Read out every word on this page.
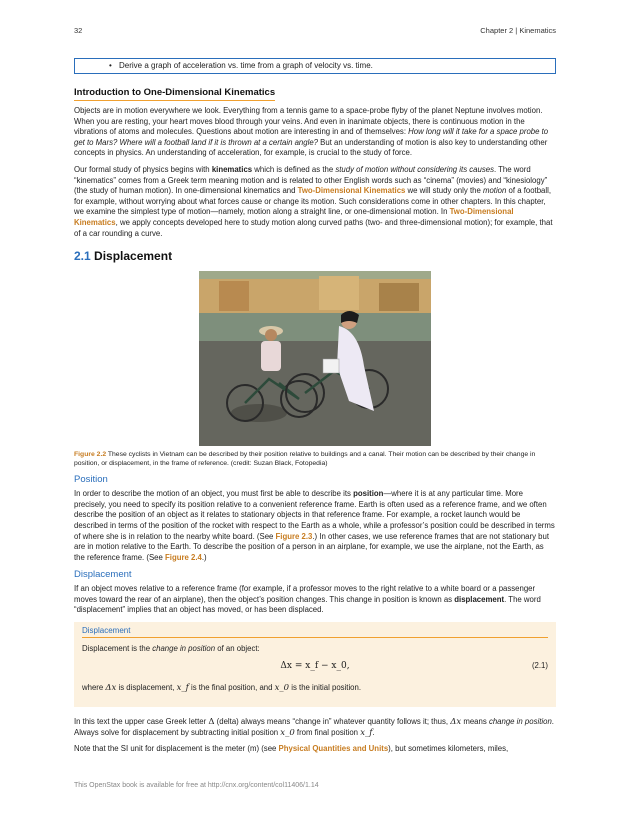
32	Chapter 2 | Kinematics
• Derive a graph of acceleration vs. time from a graph of velocity vs. time.
Introduction to One-Dimensional Kinematics

Objects are in motion everywhere we look. Everything from a tennis game to a space-probe flyby of the planet Neptune involves motion. When you are resting, your heart moves blood through your veins. And even in inanimate objects, there is continuous motion in the vibrations of atoms and molecules. Questions about motion are interesting in and of themselves: How long will it take for a space probe to get to Mars? Where will a football land if it is thrown at a certain angle? But an understanding of motion is also key to understanding other concepts in physics. An understanding of acceleration, for example, is crucial to the study of force.

Our formal study of physics begins with kinematics which is defined as the study of motion without considering its causes. The word “kinematics” comes from a Greek term meaning motion and is related to other English words such as “cinema” (movies) and “kinesiology” (the study of human motion). In one-dimensional kinematics and Two-Dimensional Kinematics we will study only the motion of a football, for example, without worrying about what forces cause or change its motion. Such considerations come in other chapters. In this chapter, we examine the simplest type of motion—namely, motion along a straight line, or one-dimensional motion. In Two-Dimensional Kinematics, we apply concepts developed here to study motion along curved paths (two- and three-dimensional motion); for example, that of a car rounding a curve.

2.1 Displacement

Figure 2.2 These cyclists in Vietnam can be described by their position relative to buildings and a canal. Their motion can be described by their change in position, or displacement, in the frame of reference. (credit: Suzan Black, Fotopedia)

Position

In order to describe the motion of an object, you must first be able to describe its position—where it is at any particular time. More precisely, you need to specify its position relative to a convenient reference frame. Earth is often used as a reference frame, and we often describe the position of an object as it relates to stationary objects in that reference frame. For example, a rocket launch would be described in terms of the position of the rocket with respect to the Earth as a whole, while a professor’s position could be described in terms of where she is in relation to the nearby white board. (See Figure 2.3.) In other cases, we use reference frames that are not stationary but are in motion relative to the Earth. To describe the position of a person in an airplane, for example, we use the airplane, not the Earth, as the reference frame. (See Figure 2.4.)

Displacement

If an object moves relative to a reference frame (for example, if a professor moves to the right relative to a white board or a passenger moves toward the rear of an airplane), then the object’s position changes. This change in position is known as displacement. The word “displacement” implies that an object has moved, or has been displaced.

Displacement

Displacement is the change in position of an object:

Δx = x_f − x_0,	(2.1)

where Δx is displacement, x_f is the final position, and x_0 is the initial position.

In this text the upper case Greek letter Δ (delta) always means “change in” whatever quantity follows it; thus, Δx means change in position. Always solve for displacement by subtracting initial position x_0 from final position x_f.

Note that the SI unit for displacement is the meter (m) (see Physical Quantities and Units), but sometimes kilometers, miles,

This OpenStax book is available for free at http://cnx.org/content/col11406/1.14
